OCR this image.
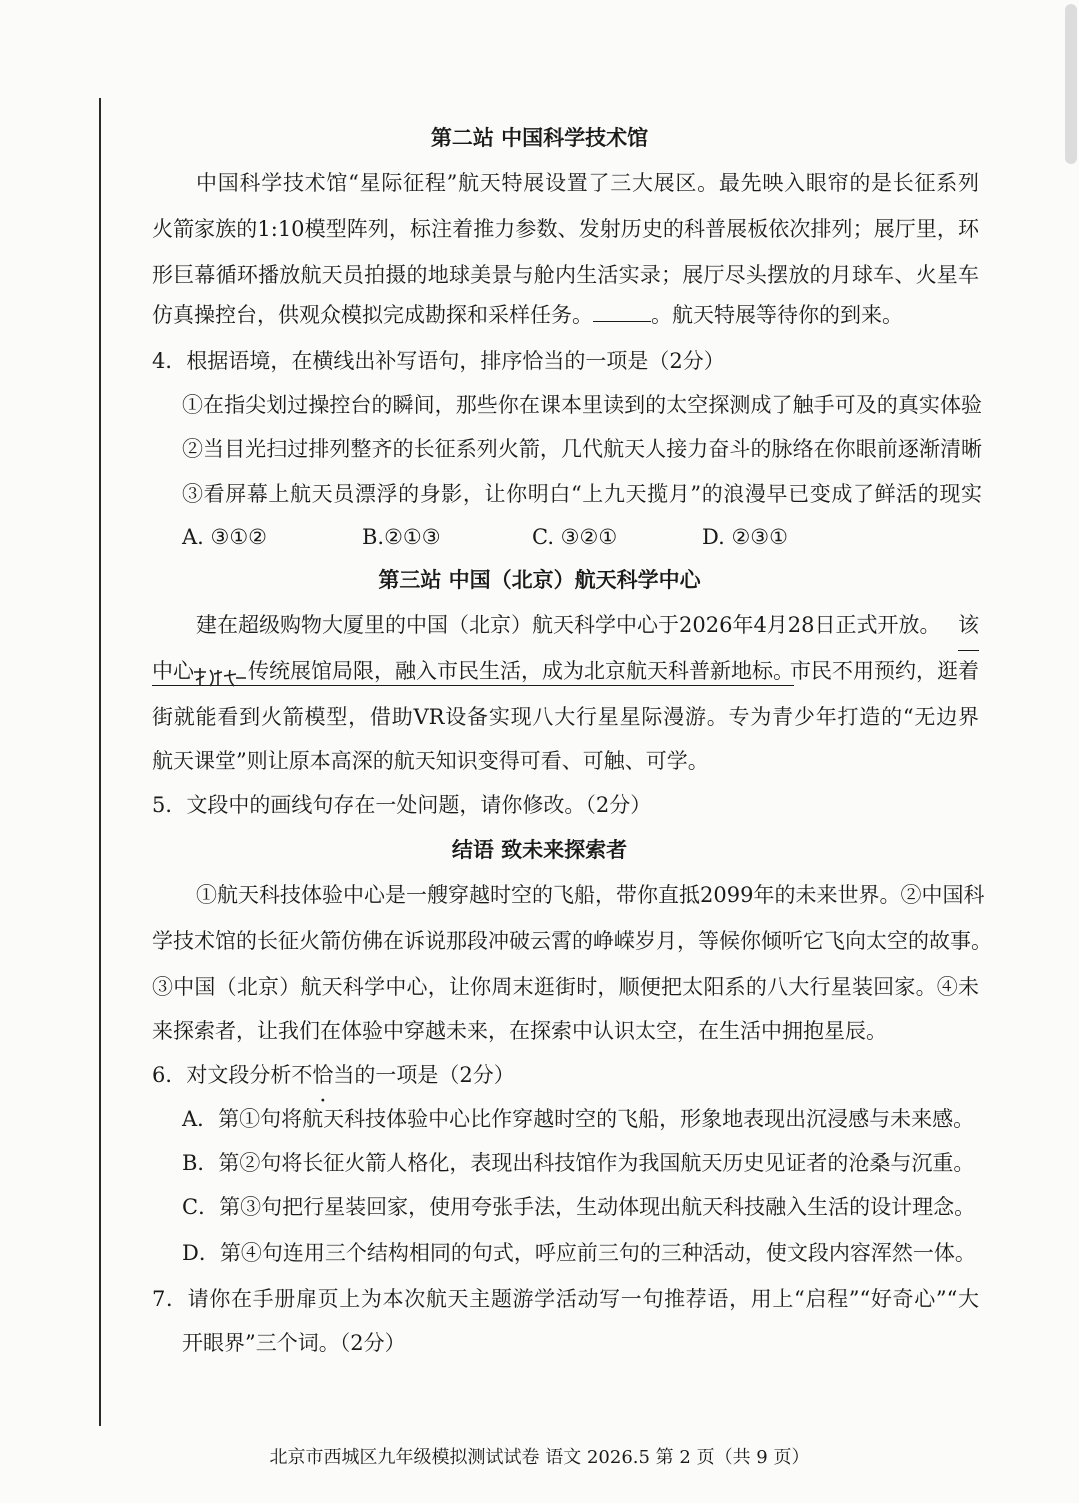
第二站 中国科学技术馆
中国科学技术馆“星际征程”航天特展设置了三大展区。最先映入眼帘的是长征系列
火箭家族的1:10模型阵列，标注着推力参数、发射历史的科普展板依次排列；展厅里，环
形巨幕循环播放航天员拍摄的地球美景与舱内生活实录；展厅尽头摆放的月球车、火星车
仿真操控台，供观众模拟完成勘探和采样任务。	。航天特展等待你的到来。
4．根据语境，在横线出补写语句，排序恰当的一项是（2分）
①在指尖划过操控台的瞬间，那些你在课本里读到的太空探测成了触手可及的真实体验
②当目光扫过排列整齐的长征系列火箭，几代航天人接力奋斗的脉络在你眼前逐渐清晰
③看屏幕上航天员漂浮的身影，让你明白“上九天揽月”的浪漫早已变成了鲜活的现实
A. ③①②	B.②①③	C. ③②①	D. ②③①
第三站 中国（北京）航天科学中心
建在超级购物大厦里的中国（北京）航天科学中心于2026年4月28日正式开放。 该
中心	传统展馆局限，融入市民生活，成为北京航天科普新地标。
市民不用预约，逛着
街就能看到火箭模型，借助VR设备实现八大行星星际漫游。专为青少年打造的“无边界
航天课堂”则让原本高深的航天知识变得可看、可触、可学。
5．文段中的画线句存在一处问题，请你修改。（2分）
结语 致未来探索者
①航天科技体验中心是一艘穿越时空的飞船，带你直抵2099年的未来世界。②中国科
学技术馆的长征火箭仿佛在诉说那段冲破云霄的峥嵘岁月，等候你倾听它飞向太空的故事。
③中国（北京）航天科学中心，让你周末逛街时，顺便把太阳系的八大行星装回家。④未
来探索者，让我们在体验中穿越未来，在探索中认识太空，在生活中拥抱星辰。
6．对文段分析不恰当的一项是（2分）
A．第①句将航天科技体验中心比作穿越时空的飞船，形象地表现出沉浸感与未来感。
B．第②句将长征火箭人格化，表现出科技馆作为我国航天历史见证者的沧桑与沉重。
C．第③句把行星装回家，使用夸张手法，生动体现出航天科技融入生活的设计理念。
D．第④句连用三个结构相同的句式，呼应前三句的三种活动，使文段内容浑然一体。
7．请你在手册扉页上为本次航天主题游学活动写一句推荐语，用上“启程”“好奇心”“大
开眼界”三个词。（2分）
北京市西城区九年级模拟测试试卷 语文 2026.5 第 2 页（共 9 页）
